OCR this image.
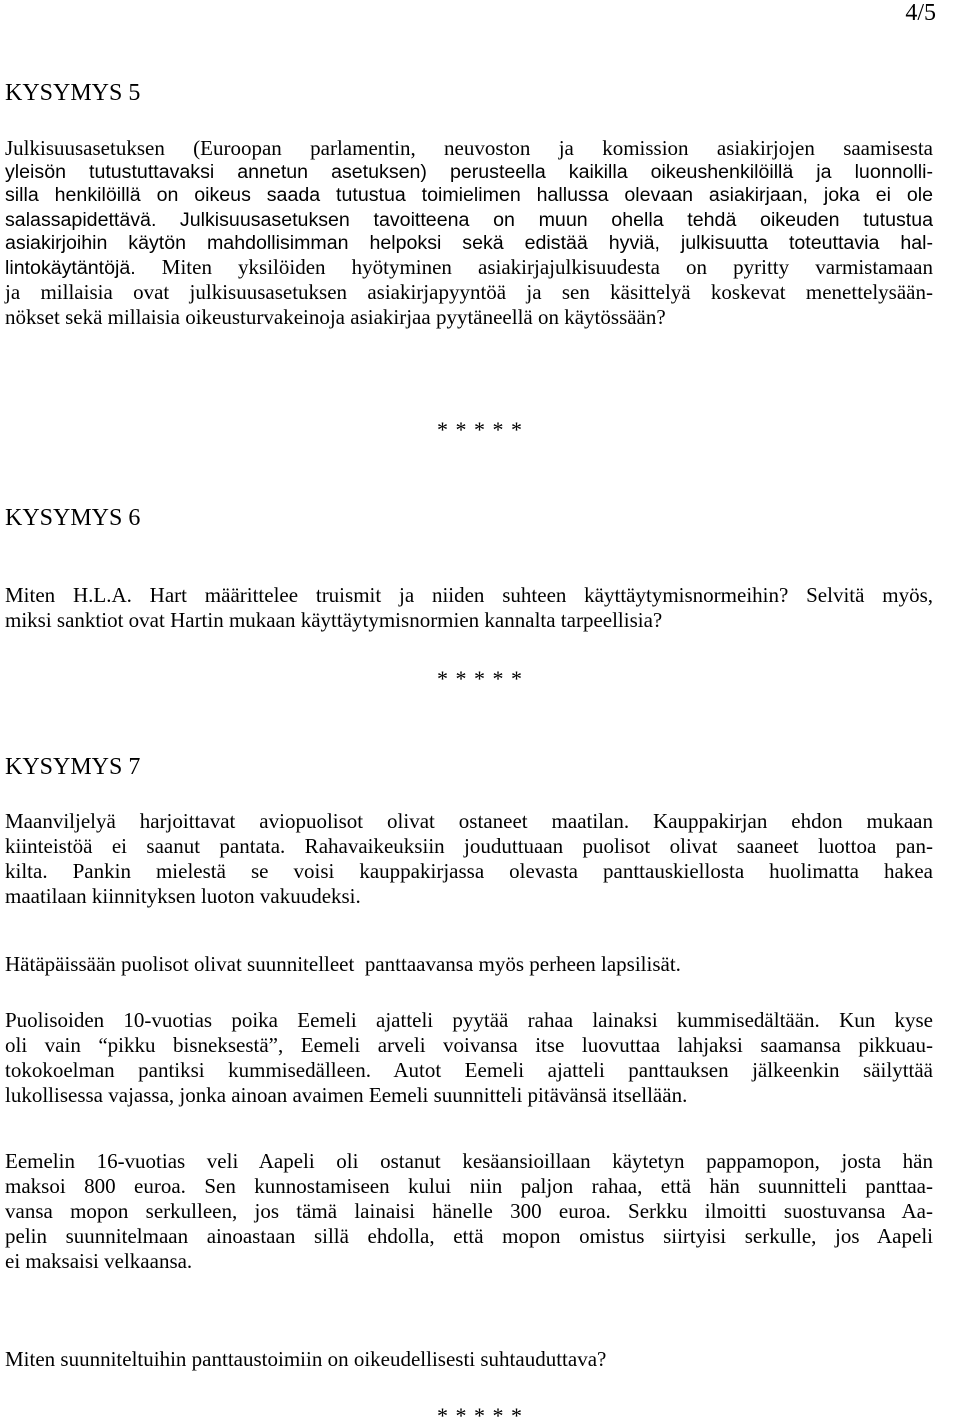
4/5
KYSYMYS 5
Julkisuusasetuksen (Euroopan parlamentin, neuvoston ja komission asiakirjojen saamisesta
yleisön tutustuttavaksi annetun asetuksen) perusteella kaikilla oikeushenkilöillä ja luonnolli-
silla henkilöillä on oikeus saada tutustua toimielimen hallussa olevaan asiakirjaan, joka ei ole
salassapidettävä. Julkisuusasetuksen tavoitteena on muun ohella tehdä oikeuden tutustua
asiakirjoihin käytön mahdollisimman helpoksi sekä edistää hyviä, julkisuutta toteuttavia hal-
lintokäytäntöjä. Miten yksilöiden hyötyminen asiakirjajulkisuudesta on pyritty varmistamaan
ja millaisia ovat julkisuusasetuksen asiakirjapyyntöä ja sen käsittelyä koskevat menettelysään-
nökset sekä millaisia oikeusturvakeinoja asiakirjaa pyytäneellä on käytössään?
* * * * *
KYSYMYS 6
Miten H.L.A. Hart määrittelee truismit ja niiden suhteen käyttäytymisnormeihin? Selvitä myös,
miksi sanktiot ovat Hartin mukaan käyttäytymisnormien kannalta tarpeellisia?
* * * * *
KYSYMYS 7
Maanviljelyä harjoittavat aviopuolisot olivat ostaneet maatilan. Kauppakirjan ehdon mukaan
kiinteistöä ei saanut pantata. Rahavaikeuksiin jouduttuaan puolisot olivat saaneet luottoa pan-
kilta. Pankin mielestä se voisi kauppakirjassa olevasta panttauskiellosta huolimatta hakea
maatilaan kiinnityksen luoton vakuudeksi.
Hätäpäissään puolisot olivat suunnitelleet  panttaavansa myös perheen lapsilisät.
Puolisoiden 10-vuotias poika Eemeli ajatteli pyytää rahaa lainaksi kummisedältään. Kun kyse
oli vain “pikku bisneksestä”, Eemeli arveli voivansa itse luovuttaa lahjaksi saamansa pikkuau-
tokokoelman pantiksi kummisedälleen. Autot Eemeli ajatteli panttauksen jälkeenkin säilyttää
lukollisessa vajassa, jonka ainoan avaimen Eemeli suunnitteli pitävänsä itsellään.
Eemelin 16-vuotias veli Aapeli oli ostanut kesäansioillaan käytetyn pappamopon, josta hän
maksoi 800 euroa. Sen kunnostamiseen kului niin paljon rahaa, että hän suunnitteli panttaa-
vansa mopon serkulleen, jos tämä lainaisi hänelle 300 euroa. Serkku ilmoitti suostuvansa Aa-
pelin suunnitelmaan ainoastaan sillä ehdolla, että mopon omistus siirtyisi serkulle, jos Aapeli
ei maksaisi velkaansa.
Miten suunniteltuihin panttaustoimiin on oikeudellisesti suhtauduttava?
* * * * *
